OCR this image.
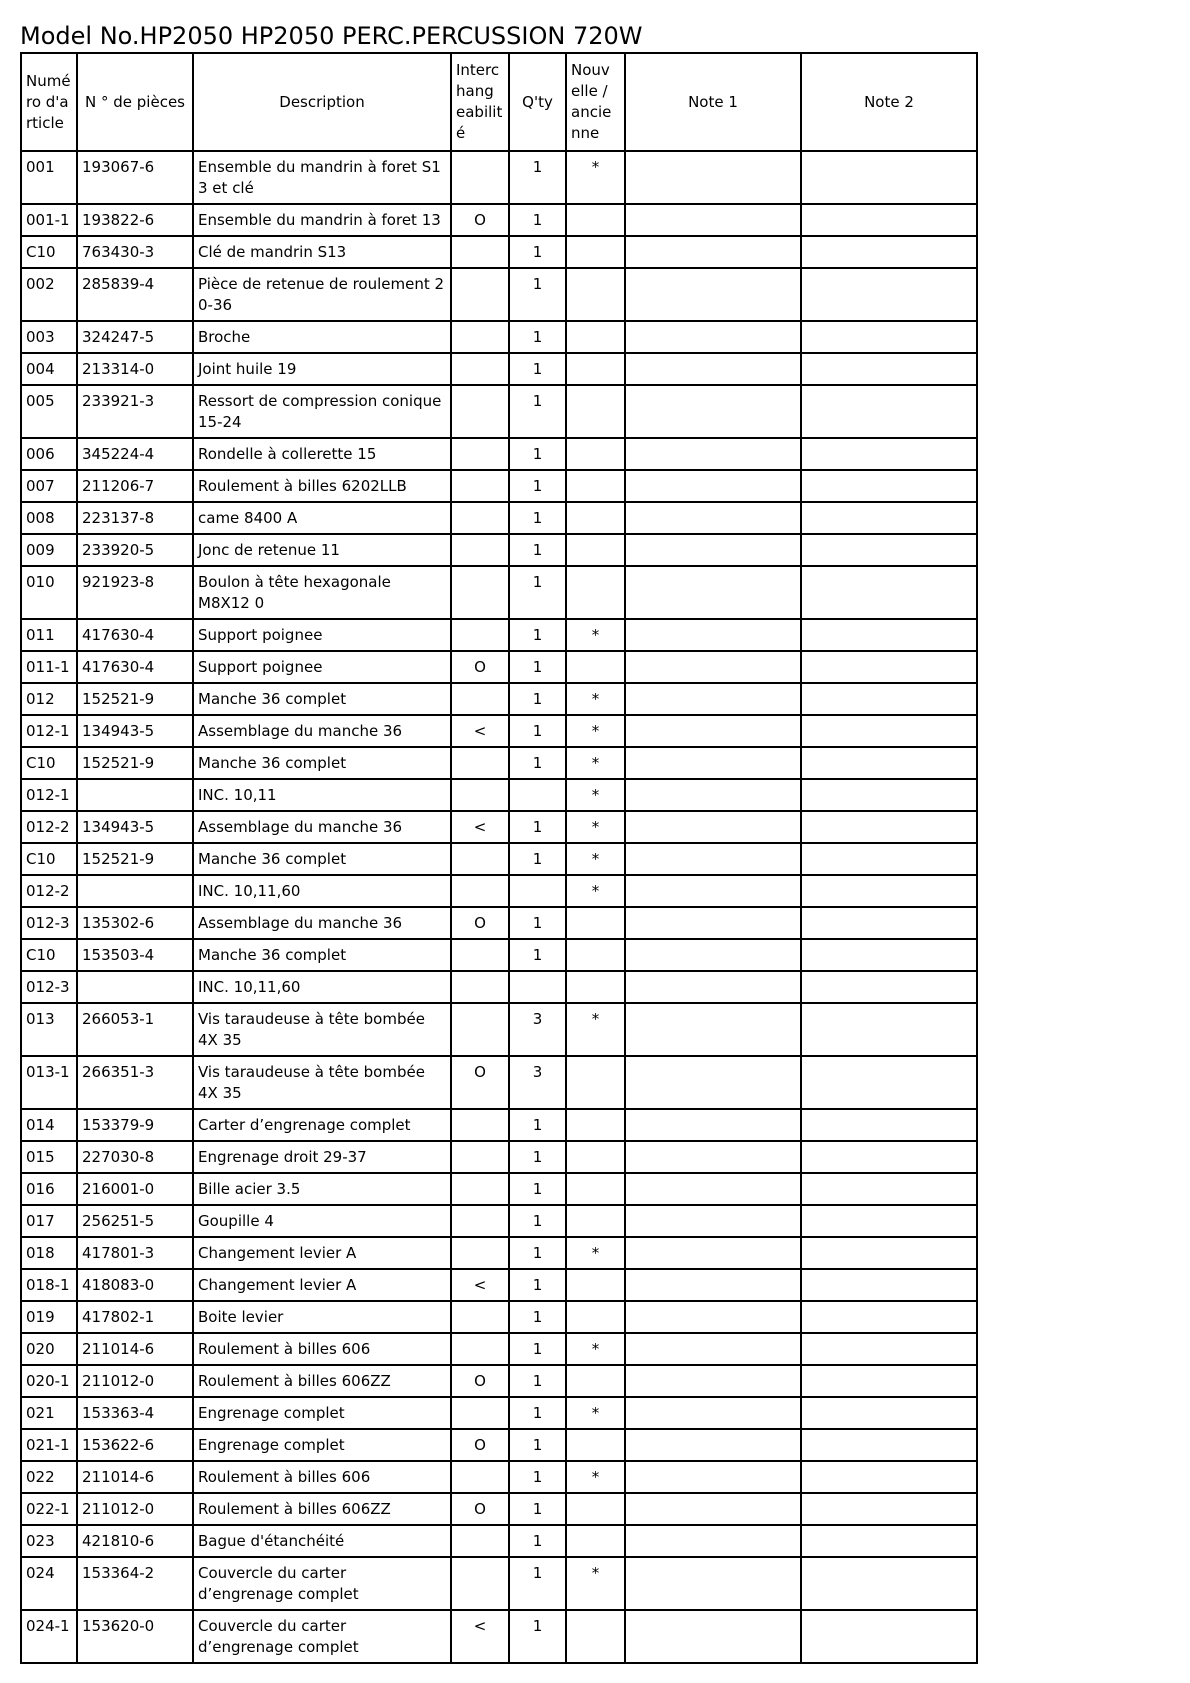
Model No.HP2050 HP2050 PERC.PERCUSSION 720W
Numé ro d'a rticle	N ° de pièces	Description	Interc hang eabilit é	Q'ty	Nouv elle / ancie nne	Note 1	Note 2
001	193067-6	Ensemble du mandrin à foret S1 3 et clé		1	*		
001-1	193822-6	Ensemble du mandrin à foret 13	O	1			
C10	763430-3	Clé de mandrin S13		1			
002	285839-4	Pièce de retenue de roulement 2 0-36		1			
003	324247-5	Broche		1			
004	213314-0	Joint huile 19		1			
005	233921-3	Ressort de compression conique 15-24		1			
006	345224-4	Rondelle à collerette 15		1			
007	211206-7	Roulement à billes 6202LLB		1			
008	223137-8	came 8400 A		1			
009	233920-5	Jonc de retenue 11		1			
010	921923-8	Boulon à tête hexagonale M8X12 0		1			
011	417630-4	Support poignee		1	*		
011-1	417630-4	Support poignee	O	1			
012	152521-9	Manche 36 complet		1	*		
012-1	134943-5	Assemblage du manche 36	<	1	*		
C10	152521-9	Manche 36 complet		1	*		
012-1		INC. 10,11			*		
012-2	134943-5	Assemblage du manche 36	<	1	*		
C10	152521-9	Manche 36 complet		1	*		
012-2		INC. 10,11,60			*		
012-3	135302-6	Assemblage du manche 36	O	1			
C10	153503-4	Manche 36 complet		1			
012-3		INC. 10,11,60					
013	266053-1	Vis taraudeuse à tête bombée 4X 35		3	*		
013-1	266351-3	Vis taraudeuse à tête bombée 4X 35	O	3			
014	153379-9	Carter d’engrenage complet		1			
015	227030-8	Engrenage droit 29-37		1			
016	216001-0	Bille acier 3.5		1			
017	256251-5	Goupille 4		1			
018	417801-3	Changement levier A		1	*		
018-1	418083-0	Changement levier A	<	1			
019	417802-1	Boite levier		1			
020	211014-6	Roulement à billes 606		1	*		
020-1	211012-0	Roulement à billes 606ZZ	O	1			
021	153363-4	Engrenage complet		1	*		
021-1	153622-6	Engrenage complet	O	1			
022	211014-6	Roulement à billes 606		1	*		
022-1	211012-0	Roulement à billes 606ZZ	O	1			
023	421810-6	Bague d'étanchéité		1			
024	153364-2	Couvercle du carter d’engrenage complet		1	*		
024-1	153620-0	Couvercle du carter d’engrenage complet	<	1			
